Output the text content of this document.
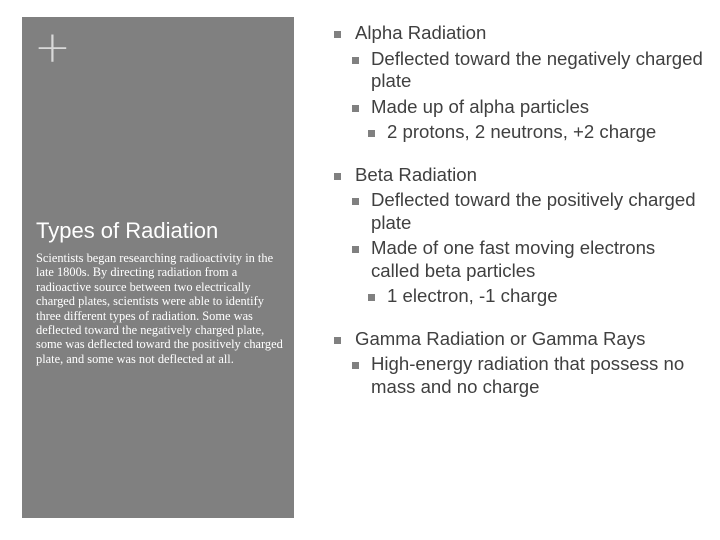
+
Types of Radiation
Scientists began researching radioactivity in the late 1800s. By directing radiation from a radioactive source between two electrically charged plates, scientists were able to identify three different types of radiation. Some was deflected toward the negatively charged plate, some was deflected toward the positively charged plate, and some was not deflected at all.
Alpha Radiation
Deflected toward the negatively charged plate
Made up of alpha particles
2 protons, 2 neutrons, +2 charge
Beta Radiation
Deflected toward the positively charged plate
Made of one fast moving electrons called beta particles
1 electron, -1 charge
Gamma Radiation or Gamma Rays
High-energy radiation that possess no mass and no charge
